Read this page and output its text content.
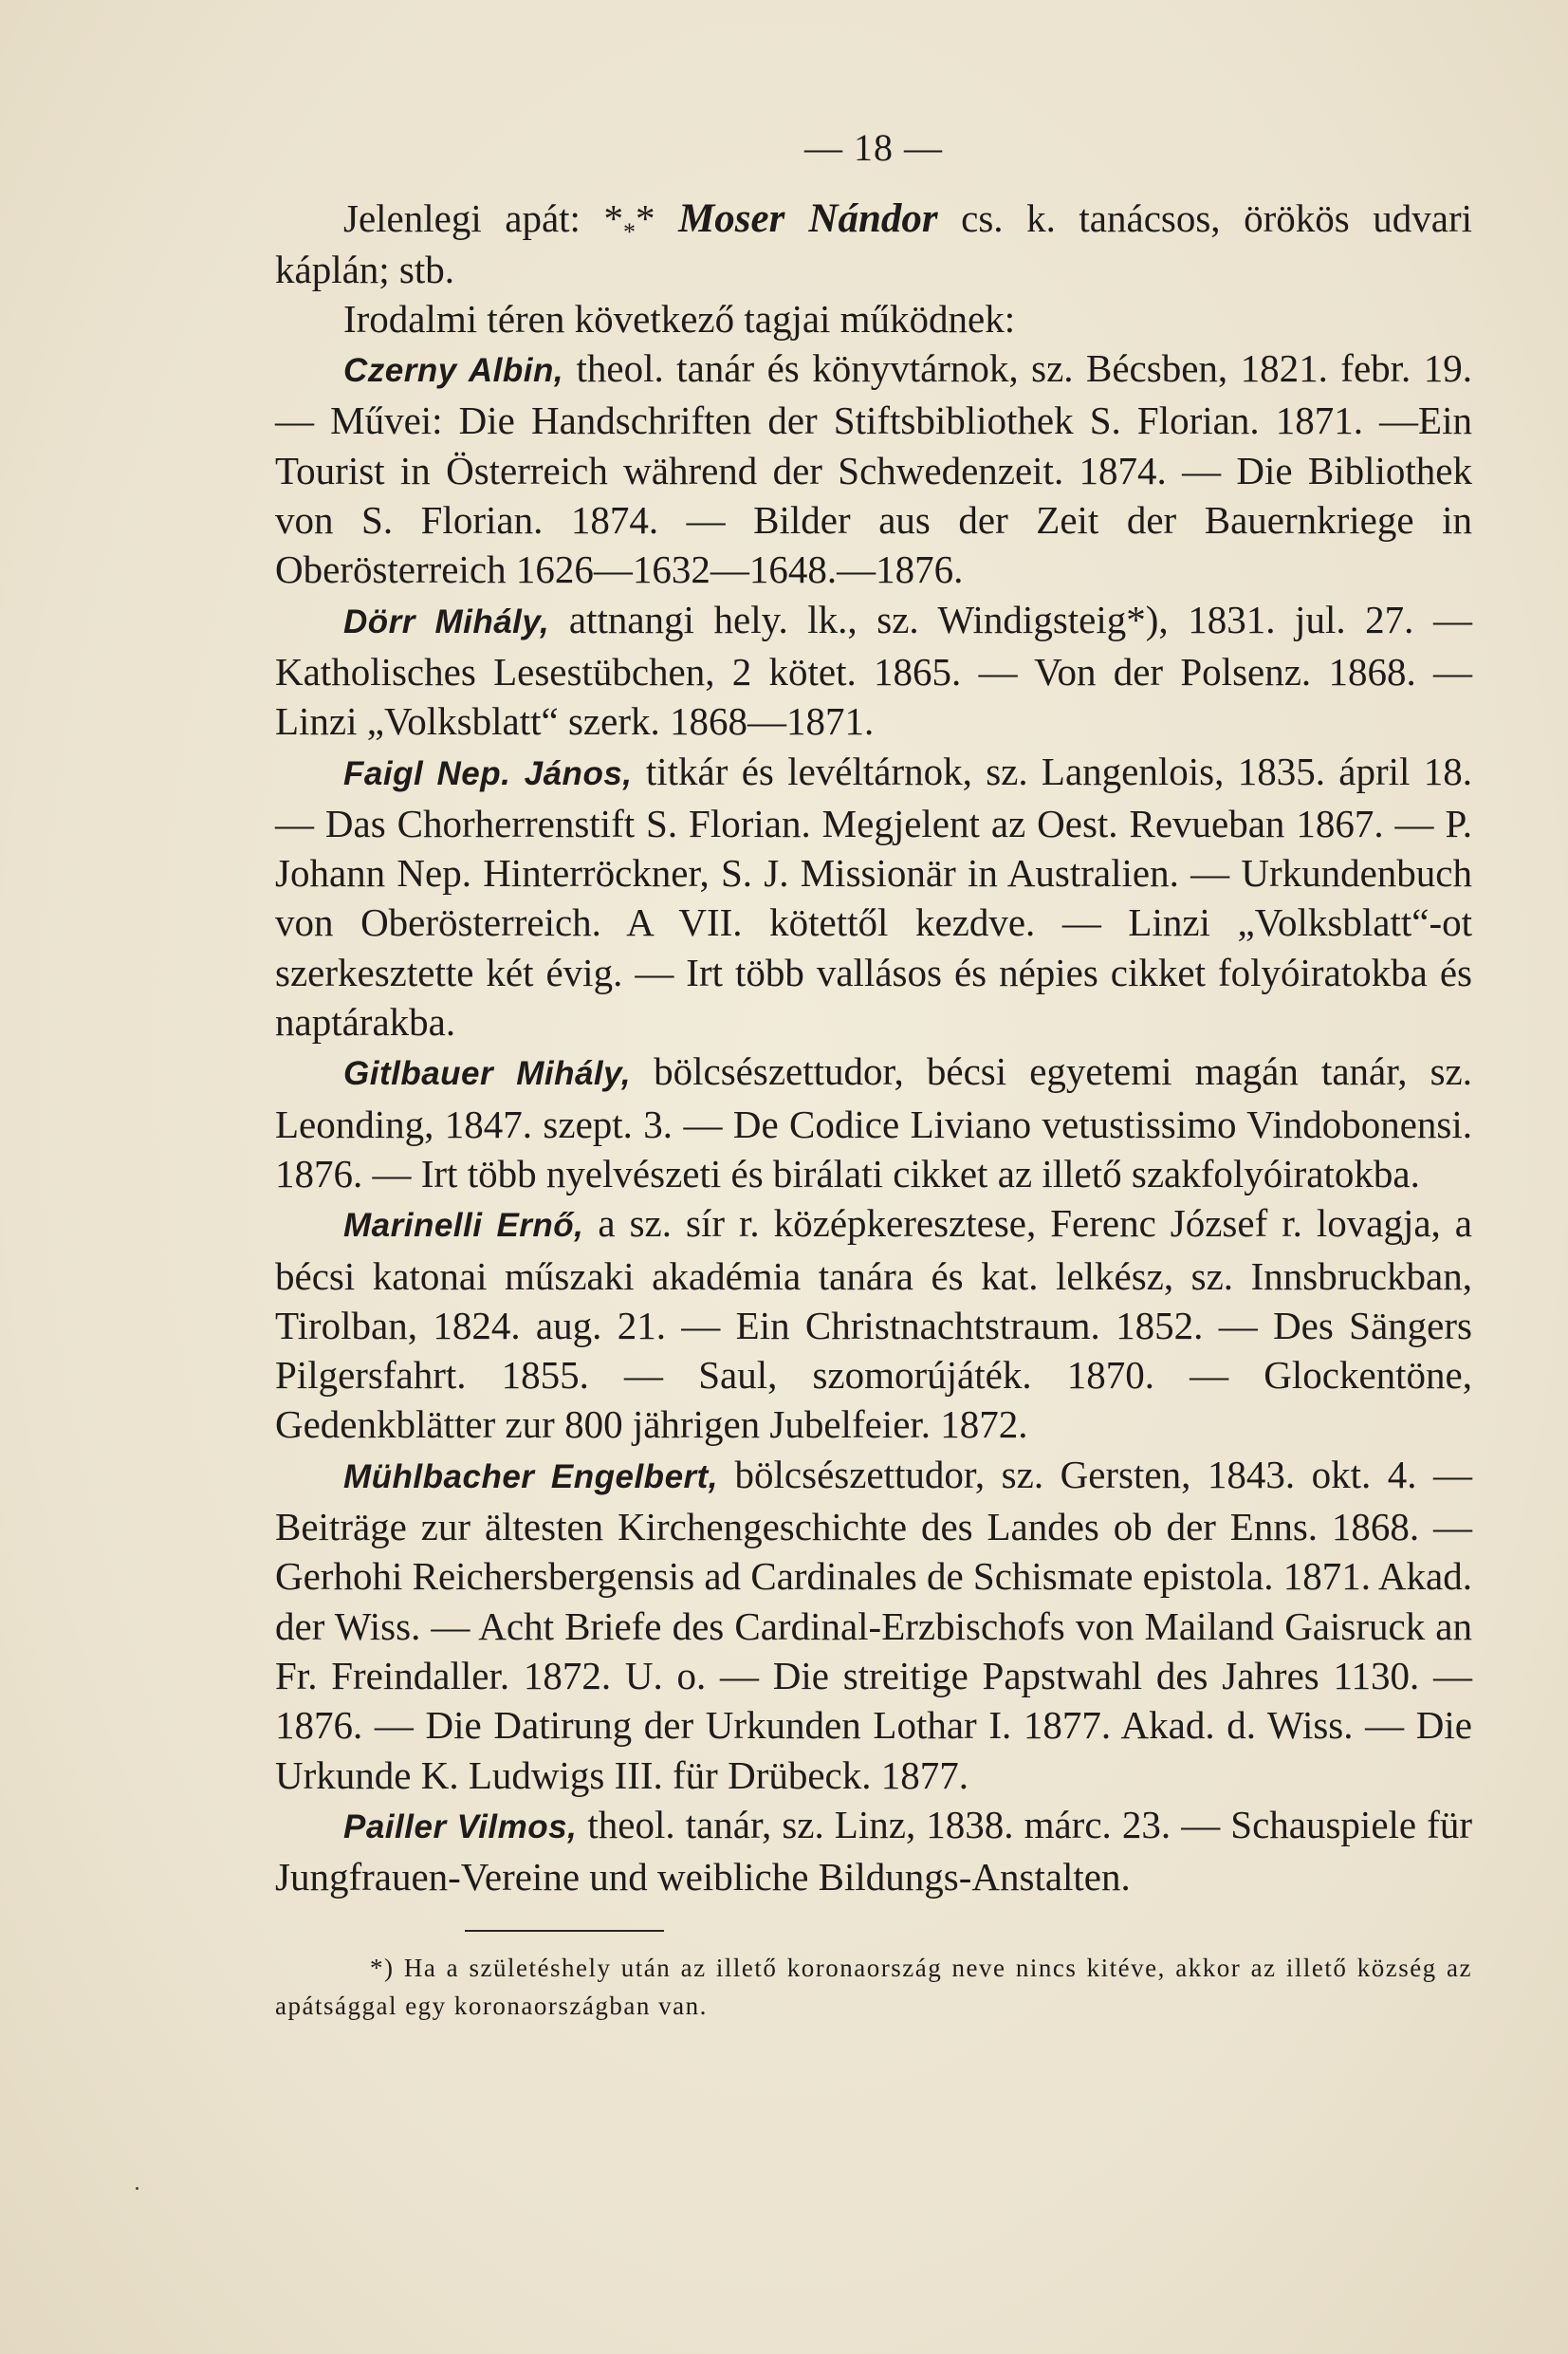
— 18 —

Jelenlegi apát: $*_**$ Moser Nándor cs. k. tanácsos, örökös udvari káplán; stb.

Irodalmi téren következő tagjai működnek:

Czerny Albin, theol. tanár és könyvtárnok, sz. Bécsben, 1821. febr. 19. — Művei: Die Handschriften der Stiftsbibliothek S. Florian. 1871. —Ein Tourist in Österreich während der Schwedenzeit. 1874. — Die Bibliothek von S. Florian. 1874. — Bilder aus der Zeit der Bauernkriege in Oberösterreich 1626—1632—1648.—1876.

Dörr Mihály, attnangi hely. lk., sz. Windigsteig*), 1831. jul. 27. — Katholisches Lesestübchen, 2 kötet. 1865. — Von der Polsenz. 1868. — Linzi „Volksblatt“ szerk. 1868—1871.

Faigl Nep. János, titkár és levéltárnok, sz. Langenlois, 1835. ápril 18. — Das Chorherrenstift S. Florian. Megjelent az Oest. Revueban 1867. — P. Johann Nep. Hinterröckner, S. J. Missionär in Australien. — Urkundenbuch von Oberösterreich. A VII. kötettől kezdve. — Linzi „Volksblatt“-ot szerkesztette két évig. — Irt több vallásos és népies cikket folyóiratokba és naptárakba.

Gitlbauer Mihály, bölcsészettudor, bécsi egyetemi magán tanár, sz. Leonding, 1847. szept. 3. — De Codice Liviano vetustissimo Vindobonensi. 1876. — Irt több nyelvészeti és birálati cikket az illető szakfolyóiratokba.

Marinelli Ernő, a sz. sír r. középkeresztese, Ferenc József r. lovagja, a bécsi katonai műszaki akadémia tanára és kat. lelkész, sz. Innsbruckban, Tirolban, 1824. aug. 21. — Ein Christnachtstraum. 1852. — Des Sängers Pilgersfahrt. 1855. — Saul, szomorújáték. 1870. — Glockentöne, Gedenkblätter zur 800 jährigen Jubelfeier. 1872.

Mühlbacher Engelbert, bölcsészettudor, sz. Gersten, 1843. okt. 4. — Beiträge zur ältesten Kirchengeschichte des Landes ob der Enns. 1868. — Gerhohi Reichersbergensis ad Cardinales de Schismate epistola. 1871. Akad. der Wiss. — Acht Briefe des Cardinal-Erzbischofs von Mailand Gaisruck an Fr. Freindaller. 1872. U. o. — Die streitige Papstwahl des Jahres 1130. — 1876. — Die Datirung der Urkunden Lothar I. 1877. Akad. d. Wiss. — Die Urkunde K. Ludwigs III. für Drübeck. 1877.

Pailler Vilmos, theol. tanár, sz. Linz, 1838. márc. 23. — Schauspiele für Jungfrauen-Vereine und weibliche Bildungs-Anstalten.

*) Ha a születéshely után az illető koronaország neve nincs kitéve, akkor az illető község az apátsággal egy koronaországban van.
